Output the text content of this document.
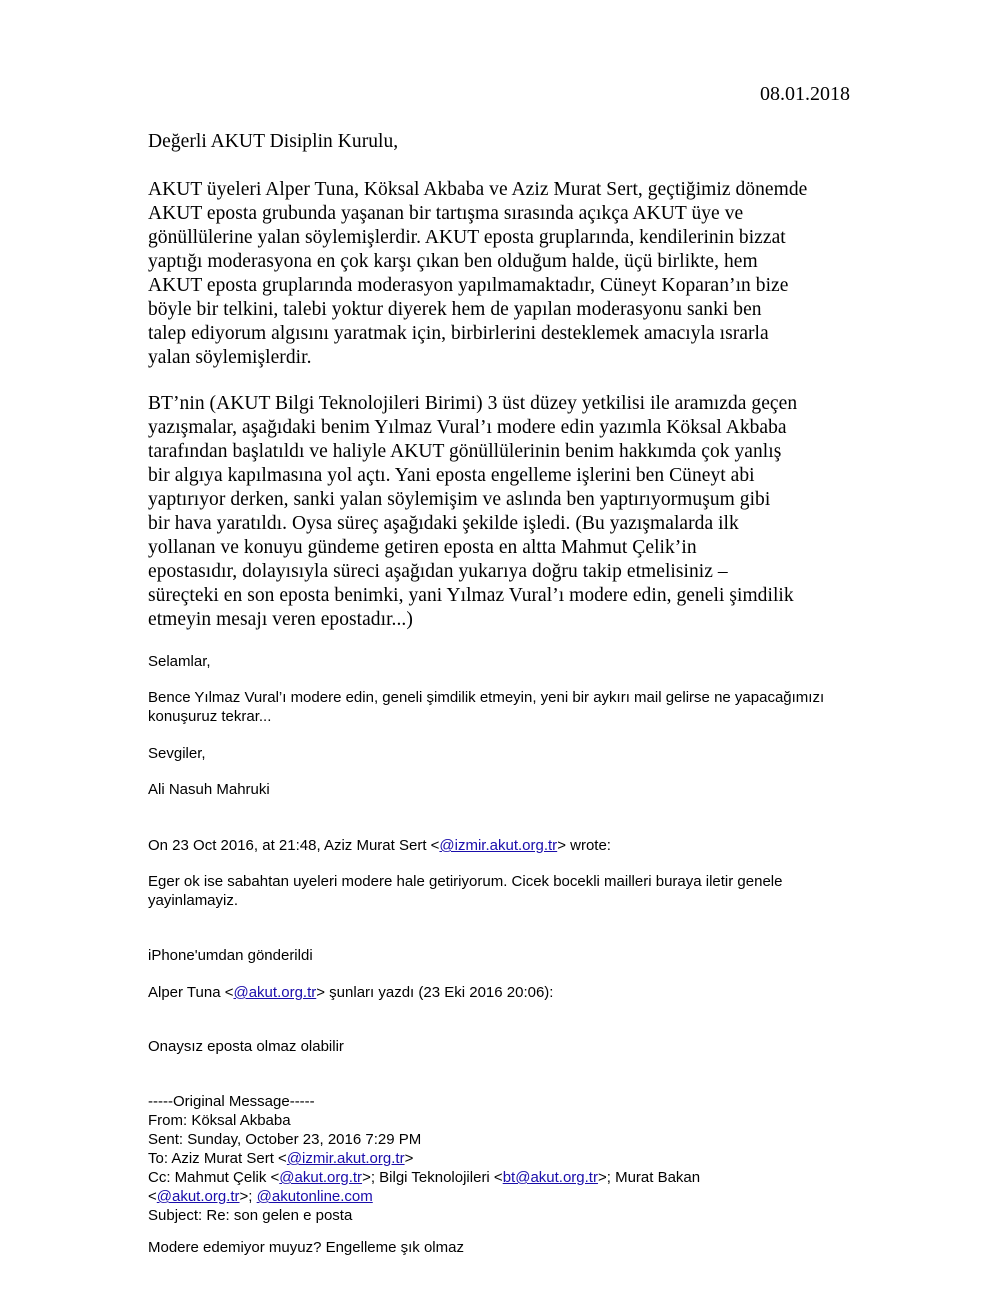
08.01.2018
Değerli AKUT Disiplin Kurulu,
AKUT üyeleri Alper Tuna, Köksal Akbaba ve Aziz Murat Sert, geçtiğimiz dönemde
AKUT eposta grubunda yaşanan bir tartışma sırasında açıkça AKUT üye ve
gönüllülerine yalan söylemişlerdir. AKUT eposta gruplarında, kendilerinin bizzat
yaptığı moderasyona en çok karşı çıkan ben olduğum halde, üçü birlikte, hem
AKUT eposta gruplarında moderasyon yapılmamaktadır, Cüneyt Koparan’ın bize
böyle bir telkini, talebi yoktur diyerek hem de yapılan moderasyonu sanki ben
talep ediyorum algısını yaratmak için, birbirlerini desteklemek amacıyla ısrarla
yalan söylemişlerdir.
BT’nin (AKUT Bilgi Teknolojileri Birimi) 3 üst düzey yetkilisi ile aramızda geçen
yazışmalar, aşağıdaki benim Yılmaz Vural’ı modere edin yazımla Köksal Akbaba
tarafından başlatıldı ve haliyle AKUT gönüllülerinin benim hakkımda çok yanlış
bir algıya kapılmasına yol açtı. Yani eposta engelleme işlerini ben Cüneyt abi
yaptırıyor derken, sanki yalan söylemişim ve aslında ben yaptırıyormuşum gibi
bir hava yaratıldı. Oysa süreç aşağıdaki şekilde işledi. (Bu yazışmalarda ilk
yollanan ve konuyu gündeme getiren eposta en altta Mahmut Çelik’in
epostasıdır, dolayısıyla süreci aşağıdan yukarıya doğru takip etmelisiniz –
süreçteki en son eposta benimki, yani Yılmaz Vural’ı modere edin, geneli şimdilik
etmeyin mesajı veren epostadır...)
Selamlar,
Bence Yılmaz Vural’ı modere edin, geneli şimdilik etmeyin, yeni bir aykırı mail gelirse ne yapacağımızı
konuşuruz tekrar...
Sevgiler,
Ali Nasuh Mahruki
On 23 Oct 2016, at 21:48, Aziz Murat Sert <@izmir.akut.org.tr> wrote:
Eger ok ise sabahtan uyeleri modere hale getiriyorum. Cicek bocekli mailleri buraya iletir genele
yayinlamayiz.
iPhone'umdan gönderildi
Alper Tuna <@akut.org.tr> şunları yazdı (23 Eki 2016 20:06):
Onaysız eposta olmaz olabilir
-----Original Message-----
From: Köksal Akbaba
Sent: Sunday, October 23, 2016 7:29 PM
To: Aziz Murat Sert <@izmir.akut.org.tr>
Cc: Mahmut Çelik <@akut.org.tr>; Bilgi Teknolojileri <bt@akut.org.tr>; Murat Bakan
<@akut.org.tr>; @akutonline.com
Subject: Re: son gelen e posta
Modere edemiyor muyuz? Engelleme şık olmaz
